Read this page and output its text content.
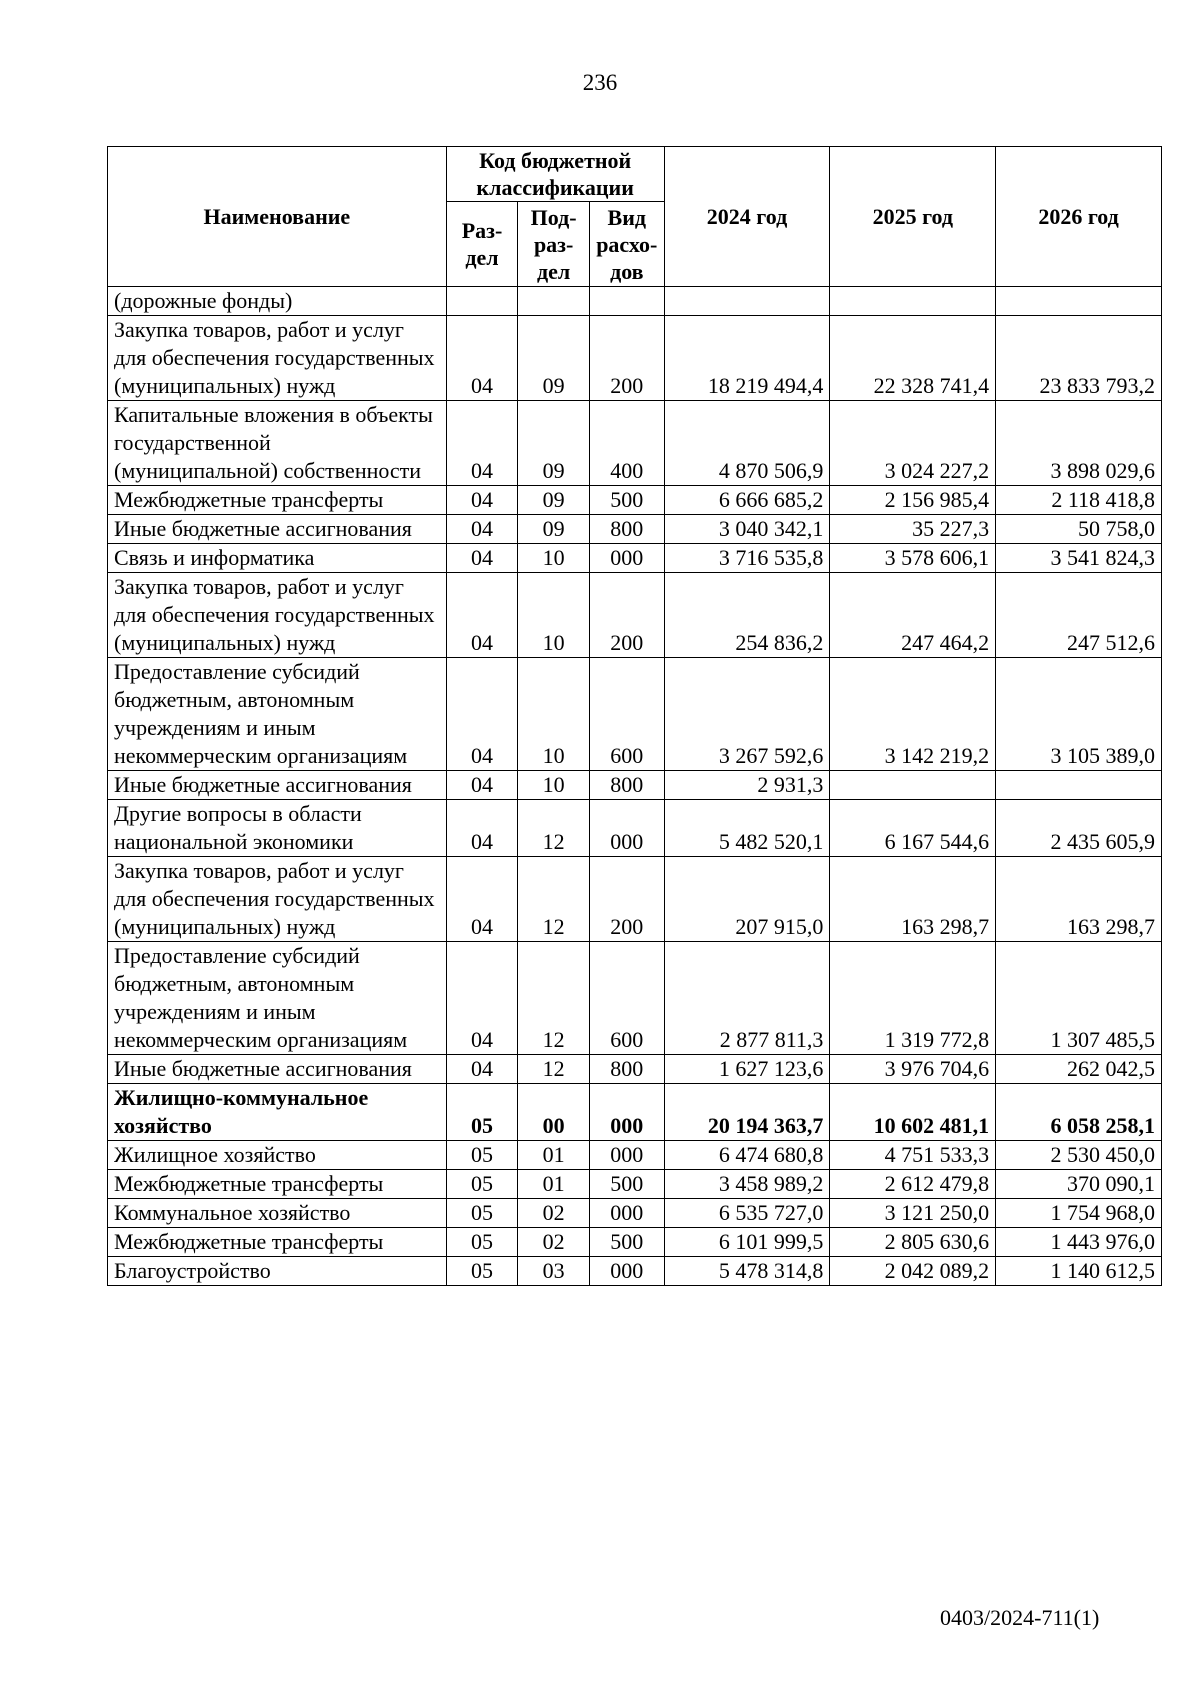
236
Наименование	Код бюджетной классификации			2024 год	2025 год	2026 год
	Раз-дел	Под-раз-дел	Вид расхо-дов			
(дорожные фонды)						
Закупка товаров, работ и услуг для обеспечения государственных (муниципальных) нужд	04	09	200	18 219 494,4	22 328 741,4	23 833 793,2
Капитальные вложения в объекты государственной (муниципальной) собственности	04	09	400	4 870 506,9	3 024 227,2	3 898 029,6
Межбюджетные трансферты	04	09	500	6 666 685,2	2 156 985,4	2 118 418,8
Иные бюджетные ассигнования	04	09	800	3 040 342,1	35 227,3	50 758,0
Связь и информатика	04	10	000	3 716 535,8	3 578 606,1	3 541 824,3
Закупка товаров, работ и услуг для обеспечения государственных (муниципальных) нужд	04	10	200	254 836,2	247 464,2	247 512,6
Предоставление субсидий бюджетным, автономным учреждениям и иным некоммерческим организациям	04	10	600	3 267 592,6	3 142 219,2	3 105 389,0
Иные бюджетные ассигнования	04	10	800	2 931,3		
Другие вопросы в области национальной экономики	04	12	000	5 482 520,1	6 167 544,6	2 435 605,9
Закупка товаров, работ и услуг для обеспечения государственных (муниципальных) нужд	04	12	200	207 915,0	163 298,7	163 298,7
Предоставление субсидий бюджетным, автономным учреждениям и иным некоммерческим организациям	04	12	600	2 877 811,3	1 319 772,8	1 307 485,5
Иные бюджетные ассигнования	04	12	800	1 627 123,6	3 976 704,6	262 042,5
Жилищно-коммунальное хозяйство	05	00	000	20 194 363,7	10 602 481,1	6 058 258,1
Жилищное хозяйство	05	01	000	6 474 680,8	4 751 533,3	2 530 450,0
Межбюджетные трансферты	05	01	500	3 458 989,2	2 612 479,8	370 090,1
Коммунальное хозяйство	05	02	000	6 535 727,0	3 121 250,0	1 754 968,0
Межбюджетные трансферты	05	02	500	6 101 999,5	2 805 630,6	1 443 976,0
Благоустройство	05	03	000	5 478 314,8	2 042 089,2	1 140 612,5
0403/2024-711(1)
